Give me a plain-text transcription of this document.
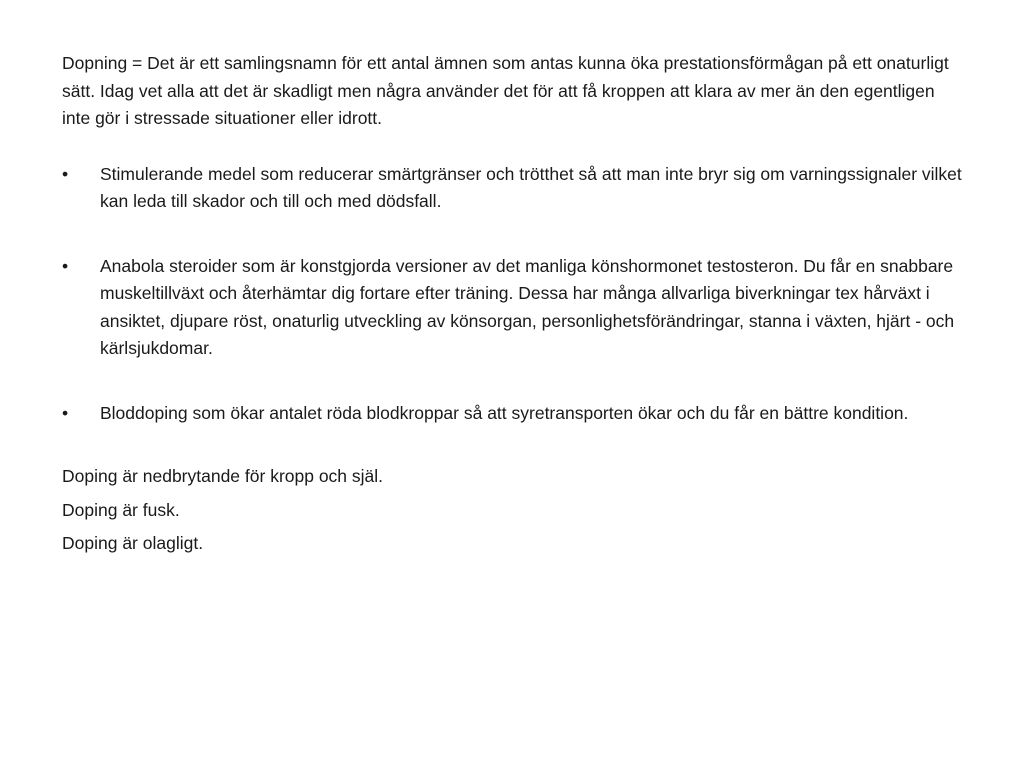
Dopning = Det är ett samlingsnamn för ett antal ämnen som antas kunna öka prestationsförmågan på ett onaturligt sätt. Idag vet alla att det är skadligt men några använder det för att få kroppen att klara av mer än den egentligen inte gör i stressade situationer eller idrott.

•	Stimulerande medel som reducerar smärtgränser och trötthet så att man inte bryr sig om varningssignaler vilket kan leda till skador och till och med dödsfall.
•	Anabola steroider som är konstgjorda versioner av det manliga könshormonet testosteron. Du får en snabbare muskeltillväxt och återhämtar dig fortare efter träning. Dessa har många allvarliga biverkningar tex hårväxt i ansiktet, djupare röst, onaturlig utveckling av könsorgan, personlighetsförändringar, stanna i växten, hjärt - och kärlsjukdomar.
•	Bloddoping som ökar antalet röda blodkroppar så att syretransporten ökar och du får en bättre kondition.

Doping är nedbrytande för kropp och själ.

Doping är fusk.

Doping är olagligt.
